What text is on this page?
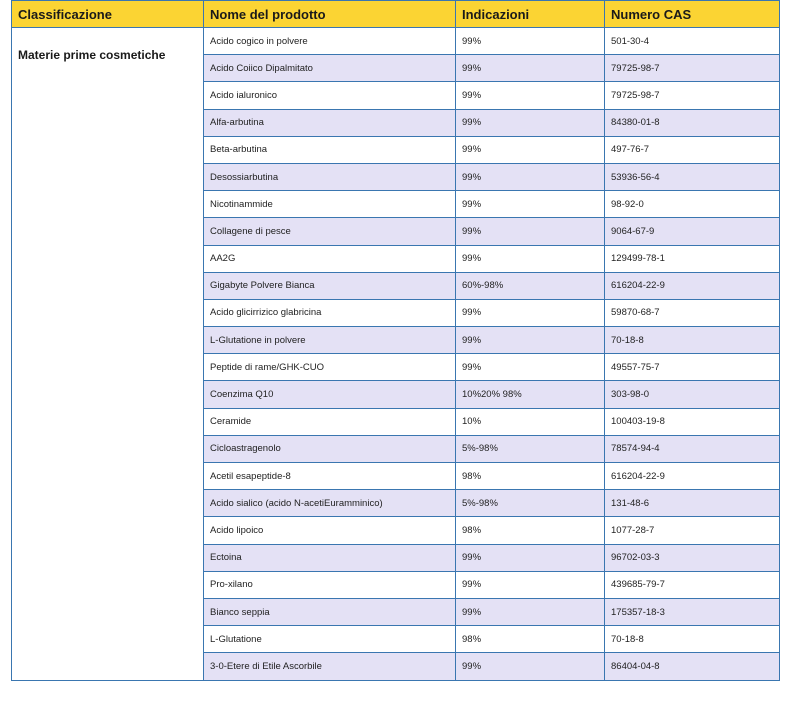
Classificazione	Nome del prodotto	Indicazioni	Numero CAS
Materie prime cosmetiche	Acido cogico in polvere	99%	501-30-4
	Acido Coiico Dipalmitato	99%	79725-98-7
	Acido ialuronico	99%	79725-98-7
	Alfa-arbutina	99%	84380-01-8
	Beta-arbutina	99%	497-76-7
	Desossiarbutina	99%	53936-56-4
	Nicotinammide	99%	98-92-0
	Collagene di pesce	99%	9064-67-9
	AA2G	99%	129499-78-1
	Gigabyte Polvere Bianca	60%-98%	616204-22-9
	Acido glicirrizico glabricina	99%	59870-68-7
	L-Glutatione in polvere	99%	70-18-8
	Peptide di rame/GHK-CUO	99%	49557-75-7
	Coenzima Q10	10%20% 98%	303-98-0
	Ceramide	10%	100403-19-8
	Cicloastragenolo	5%-98%	78574-94-4
	Acetil esapeptide-8	98%	616204-22-9
	Acido sialico (acido N-acetiEuramminico)	5%-98%	131-48-6
	Acido lipoico	98%	1077-28-7
	Ectoina	99%	96702-03-3
	Pro-xilano	99%	439685-79-7
	Bianco seppia	99%	175357-18-3
	L-Glutatione	98%	70-18-8
	3-0-Etere di Etile Ascorbile	99%	86404-04-8
